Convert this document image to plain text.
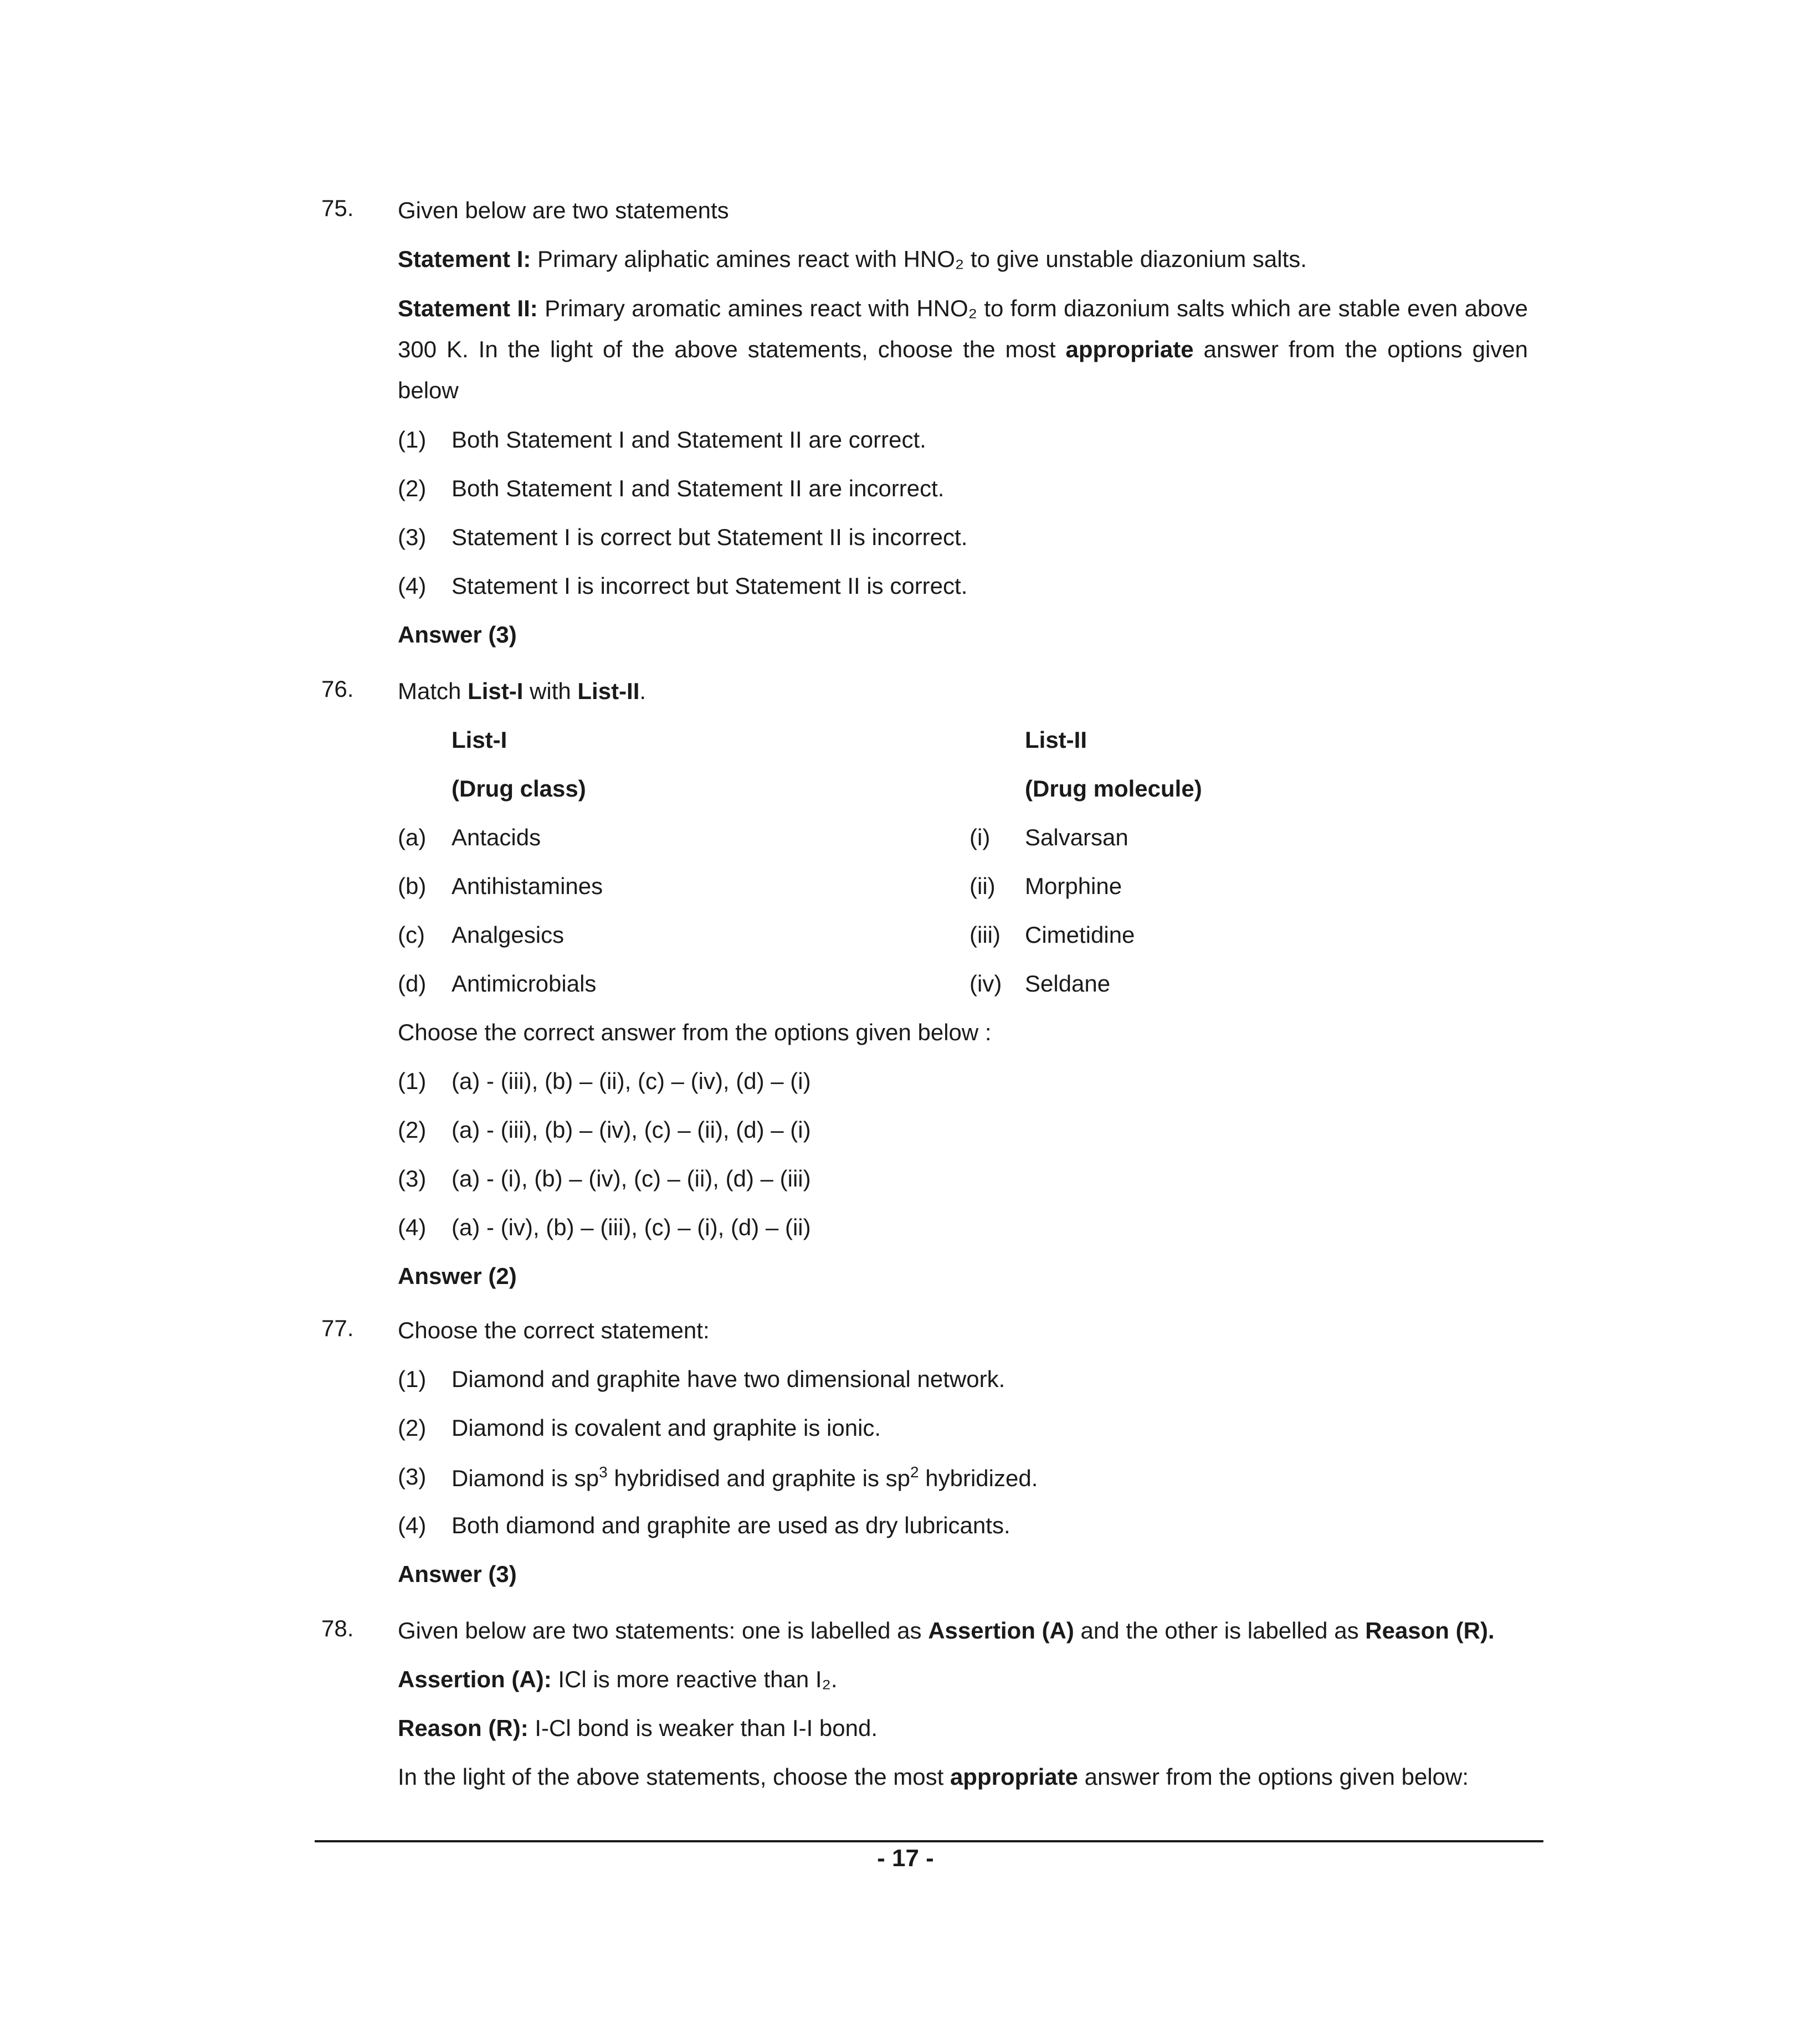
75. Given below are two statements
Statement I: Primary aliphatic amines react with HNO₂ to give unstable diazonium salts.
Statement II: Primary aromatic amines react with HNO₂ to form diazonium salts which are stable even above 300 K. In the light of the above statements, choose the most appropriate answer from the options given below
(1) Both Statement I and Statement II are correct.
(2) Both Statement I and Statement II are incorrect.
(3) Statement I is correct but Statement II is incorrect.
(4) Statement I is incorrect but Statement II is correct.
Answer (3)
76. Match List-I with List-II.
List-I	List-II
(Drug class)	(Drug molecule)
(a) Antacids	(i) Salvarsan
(b) Antihistamines	(ii) Morphine
(c) Analgesics	(iii) Cimetidine
(d) Antimicrobials	(iv) Seldane
Choose the correct answer from the options given below :
(1) (a) - (iii), (b) – (ii), (c) – (iv), (d) – (i)
(2) (a) - (iii), (b) – (iv), (c) – (ii), (d) – (i)
(3) (a) - (i), (b) – (iv), (c) – (ii), (d) – (iii)
(4) (a) - (iv), (b) – (iii), (c) – (i), (d) – (ii)
Answer (2)
77. Choose the correct statement:
(1) Diamond and graphite have two dimensional network.
(2) Diamond is covalent and graphite is ionic.
(3) Diamond is $sp^3$ hybridised and graphite is $sp^2$ hybridized.
(4) Both diamond and graphite are used as dry lubricants.
Answer (3)
78. Given below are two statements: one is labelled as Assertion (A) and the other is labelled as Reason (R).
Assertion (A): ICl is more reactive than I₂.
Reason (R): I-Cl bond is weaker than I-I bond.
In the light of the above statements, choose the most appropriate answer from the options given below:
- 17 -
